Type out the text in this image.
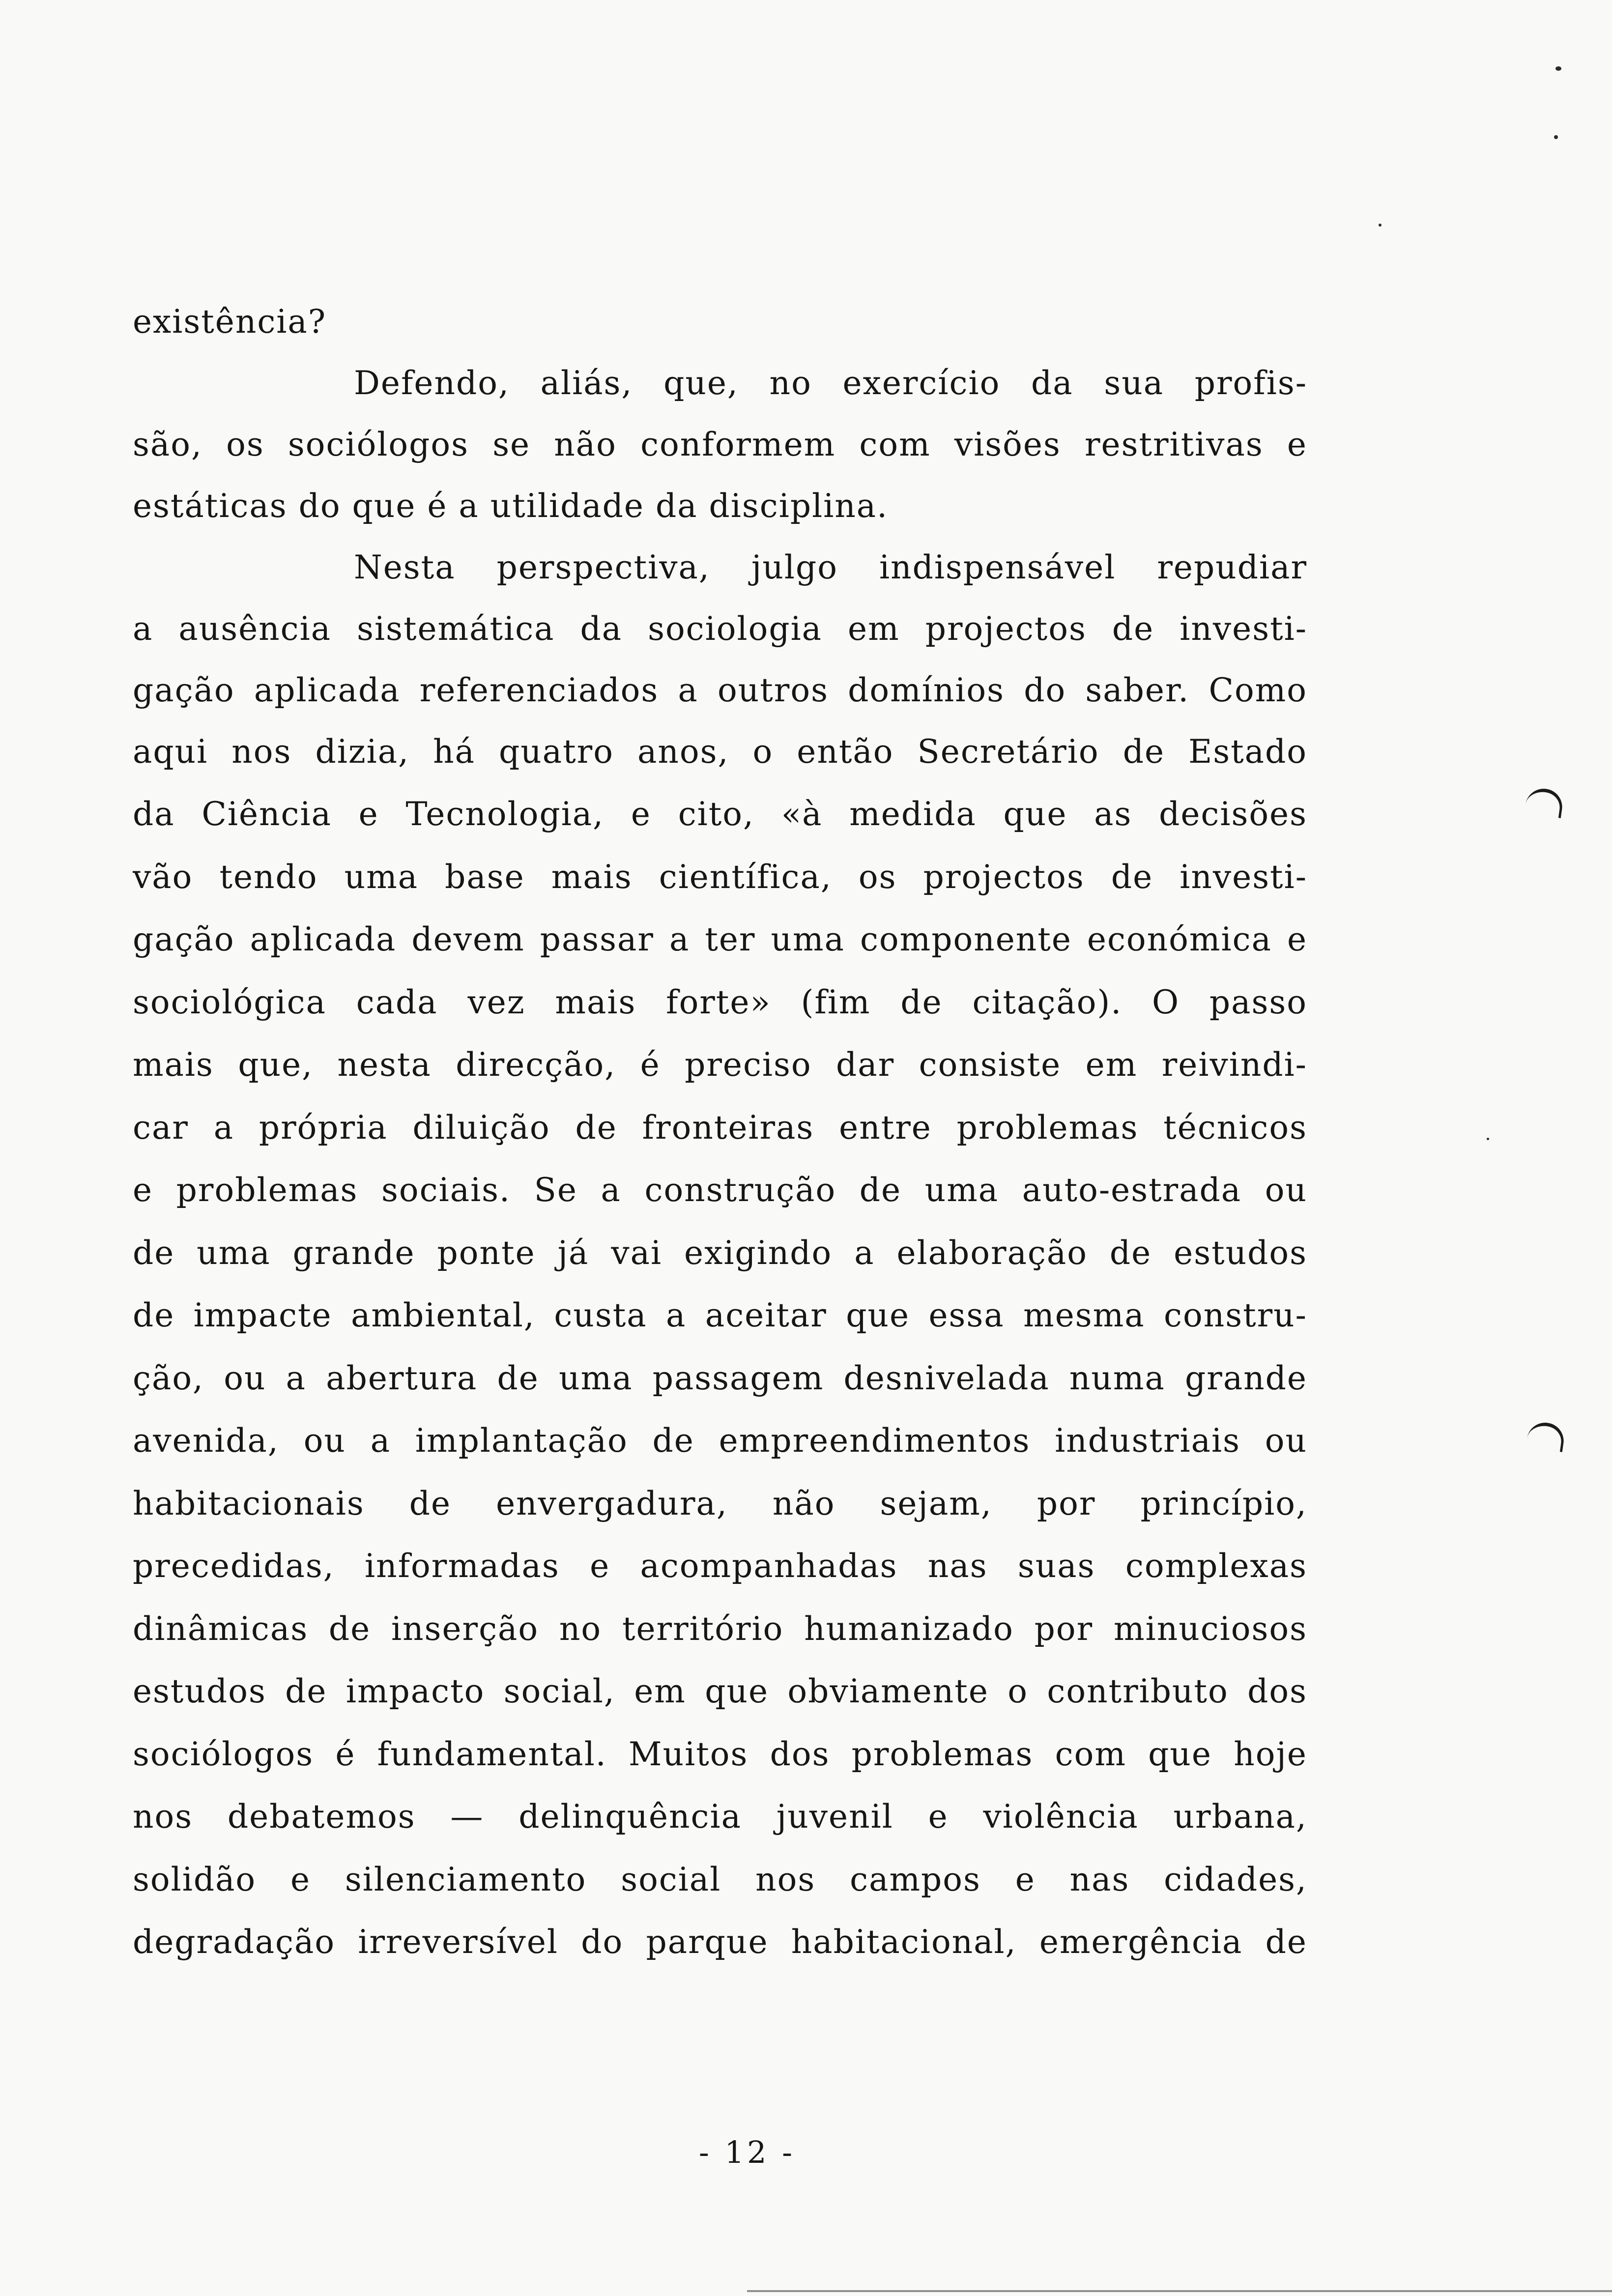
existência?
Defendo, aliás, que, no exercício da sua profis-
são, os sociólogos se não conformem com visões restritivas e
estáticas do que é a utilidade da disciplina.
Nesta perspectiva, julgo indispensável repudiar
a ausência sistemática da sociologia em projectos de investi-
gação aplicada referenciados a outros domínios do saber. Como
aqui nos dizia, há quatro anos, o então Secretário de Estado
da Ciência e Tecnologia, e cito, «à medida que as decisões
vão tendo uma base mais científica, os projectos de investi-
gação aplicada devem passar a ter uma componente económica e
sociológica cada vez mais forte» (fim de citação). O passo
mais que, nesta direcção, é preciso dar consiste em reivindi-
car a própria diluição de fronteiras entre problemas técnicos
e problemas sociais. Se a construção de uma auto-estrada ou
de uma grande ponte já vai exigindo a elaboração de estudos
de impacte ambiental, custa a aceitar que essa mesma constru-
ção, ou a abertura de uma passagem desnivelada numa grande
avenida, ou a implantação de empreendimentos industriais ou
habitacionais de envergadura, não sejam, por princípio,
precedidas, informadas e acompanhadas nas suas complexas
dinâmicas de inserção no território humanizado por minuciosos
estudos de impacto social, em que obviamente o contributo dos
sociólogos é fundamental. Muitos dos problemas com que hoje
nos debatemos — delinquência juvenil e violência urbana,
solidão e silenciamento social nos campos e nas cidades,
degradação irreversível do parque habitacional, emergência de
- 12 -
